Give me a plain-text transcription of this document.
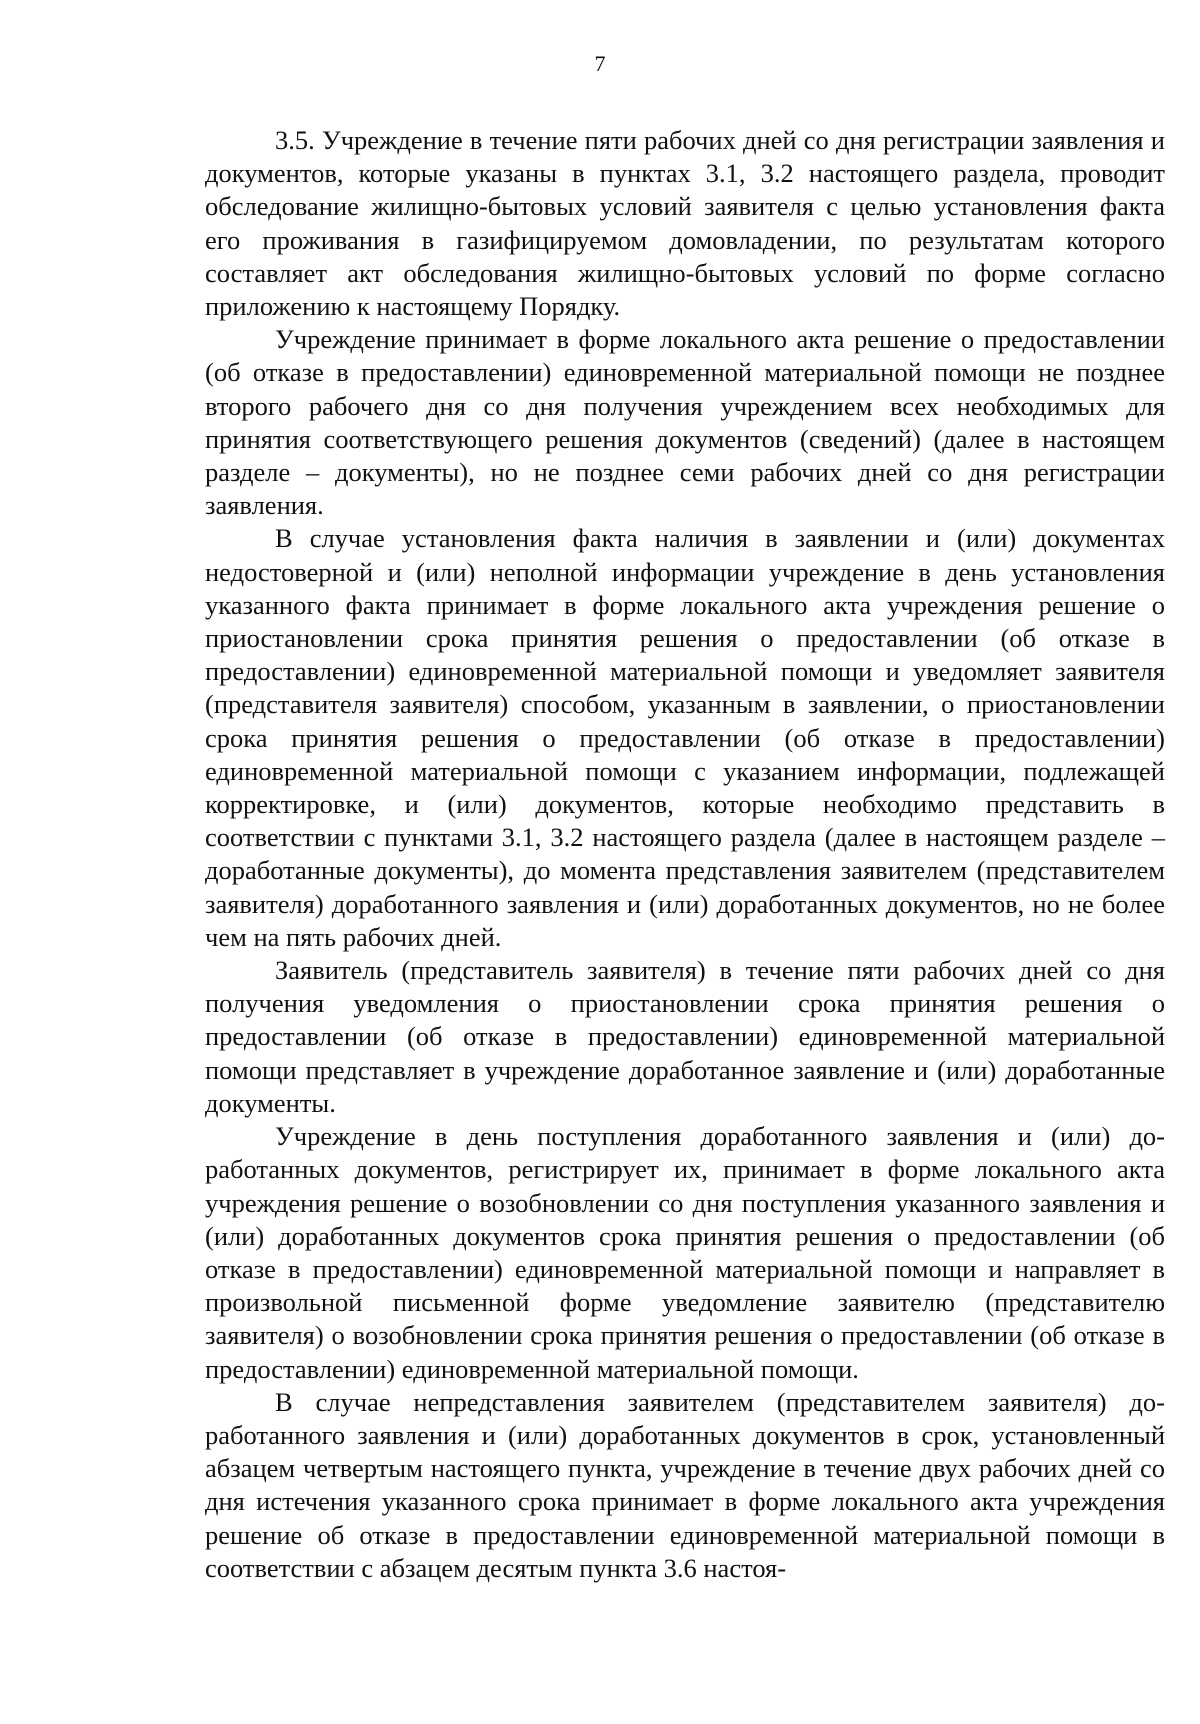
7

3.5. Учреждение в течение пяти рабочих дней со дня регистрации заявления и документов, которые указаны в пунктах 3.1, 3.2 настоящего раздела, проводит обследование жилищно-бытовых условий заявителя с целью установления факта его проживания в газифицируемом домовладении, по результатам которого составляет акт обследования жилищно-бытовых условий по форме согласно приложению к настоящему Порядку.

Учреждение принимает в форме локального акта решение о предоставлении (об отказе в предоставлении) единовременной материальной помощи не позднее второго рабочего дня со дня получения учреждением всех необходимых для принятия соответствующего решения документов (сведений) (далее в настоящем разделе – документы), но не позднее семи рабочих дней со дня регистрации заявления.

В случае установления факта наличия в заявлении и (или) документах недостоверной и (или) неполной информации учреждение в день установления указанного факта принимает в форме локального акта учреждения решение о приостановлении срока принятия решения о предоставлении (об отказе в предоставлении) единовременной материальной помощи и уведомляет заявителя (представителя заявителя) способом, указанным в заявлении, о приостановлении срока принятия решения о предоставлении (об отказе в предоставлении) единовременной материальной помощи с указанием информации, подлежащей корректировке, и (или) документов, которые необходимо представить в соответствии с пунктами 3.1, 3.2 настоящего раздела (далее в настоящем разделе – доработанные документы), до момента представления заявителем (представителем заявителя) доработанного заявления и (или) доработанных документов, но не более чем на пять рабочих дней.

Заявитель (представитель заявителя) в течение пяти рабочих дней со дня получения уведомления о приостановлении срока принятия решения о предоставлении (об отказе в предоставлении) единовременной материальной помощи представляет в учреждение доработанное заявление и (или) доработанные документы.

Учреждение в день поступления доработанного заявления и (или) доработанных документов, регистрирует их, принимает в форме локального акта учреждения решение о возобновлении со дня поступления указанного заявления и (или) доработанных документов срока принятия решения о предоставлении (об отказе в предоставлении) единовременной материальной помощи и направляет в произвольной письменной форме уведомление заявителю (представителю заявителя) о возобновлении срока принятия решения о предоставлении (об отказе в предоставлении) единовременной материальной помощи.

В случае непредставления заявителем (представителем заявителя) доработанного заявления и (или) доработанных документов в срок, установленный абзацем четвертым настоящего пункта, учреждение в течение двух рабочих дней со дня истечения указанного срока принимает в форме локального акта учреждения решение об отказе в предоставлении единовременной материальной помощи в соответствии с абзацем десятым пункта 3.6 настоя-
